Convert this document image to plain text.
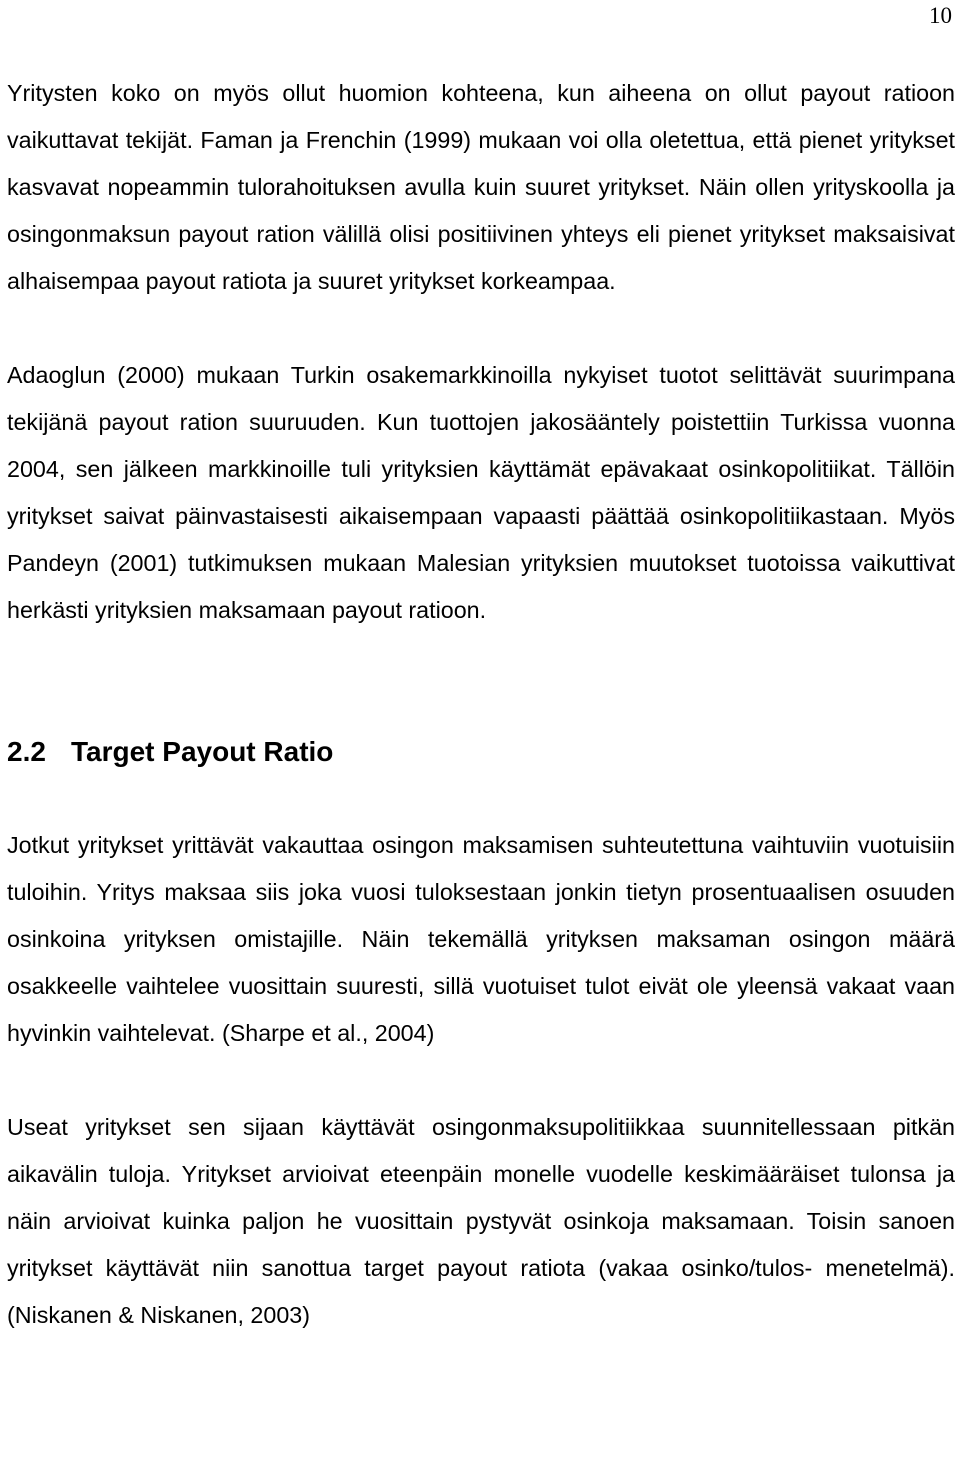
10

Yritysten koko on myös ollut huomion kohteena, kun aiheena on ollut payout ratioon vaikuttavat tekijät. Faman ja Frenchin (1999) mukaan voi olla oletettua, että pienet yritykset kasvavat nopeammin tulorahoituksen avulla kuin suuret yritykset. Näin ollen yrityskoolla ja osingonmaksun payout ration välillä olisi positiivinen yhteys eli pienet yritykset maksaisivat alhaisempaa payout ratiota ja suuret yritykset korkeampaa.

Adaoglun (2000) mukaan Turkin osakemarkkinoilla nykyiset tuotot selittävät suurimpana tekijänä payout ration suuruuden. Kun tuottojen jakosääntely poistettiin Turkissa vuonna 2004, sen jälkeen markkinoille tuli yrityksien käyttämät epävakaat osinkopolitiikat. Tällöin yritykset saivat päinvastaisesti aikaisempaan vapaasti päättää osinkopolitiikastaan. Myös Pandeyn (2001) tutkimuksen mukaan Malesian yrityksien muutokset tuotoissa vaikuttivat herkästi yrityksien maksamaan payout ratioon.

2.2 Target Payout Ratio

Jotkut yritykset yrittävät vakauttaa osingon maksamisen suhteutettuna vaihtuviin vuotuisiin tuloihin. Yritys maksaa siis joka vuosi tuloksestaan jonkin tietyn prosentuaalisen osuuden osinkoina yrityksen omistajille. Näin tekemällä yrityksen maksaman osingon määrä osakkeelle vaihtelee vuosittain suuresti, sillä vuotuiset tulot eivät ole yleensä vakaat vaan hyvinkin vaihtelevat. (Sharpe et al., 2004)

Useat yritykset sen sijaan käyttävät osingonmaksupolitiikkaa suunnitellessaan pitkän aikavälin tuloja. Yritykset arvioivat eteenpäin monelle vuodelle keskimääräiset tulonsa ja näin arvioivat kuinka paljon he vuosittain pystyvät osinkoja maksamaan. Toisin sanoen yritykset käyttävät niin sanottua target payout ratiota (vakaa osinko/tulos- menetelmä). (Niskanen & Niskanen, 2003)
